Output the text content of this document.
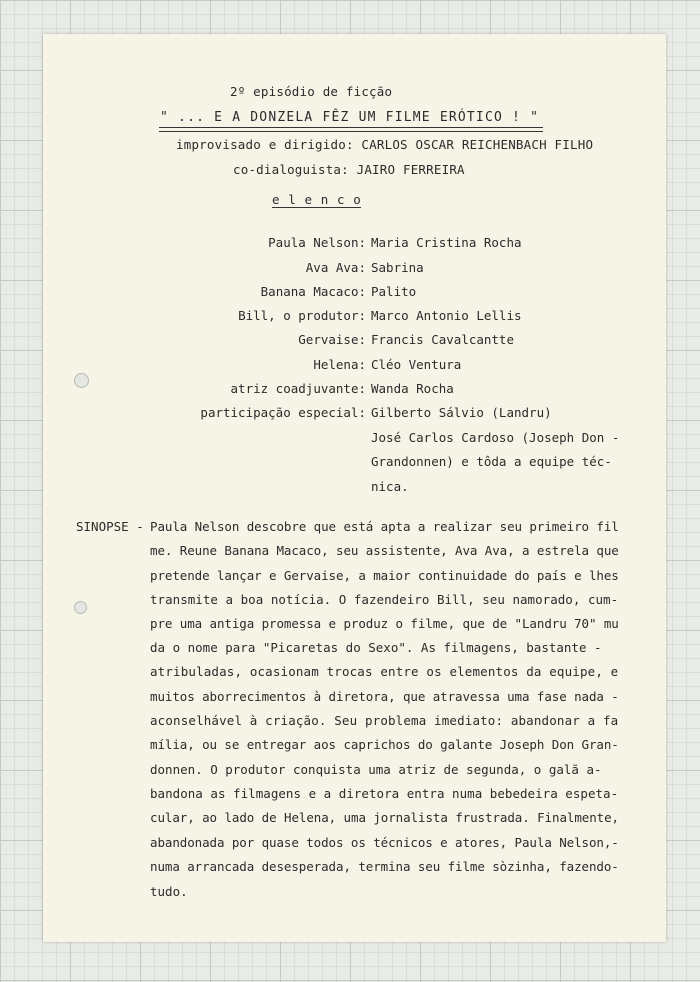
2º episódio de ficção
" ... E A DONZELA FÊZ UM FILME ERÓTICO ! "
improvisado e dirigido: CARLOS OSCAR REICHENBACH FILHO
co-dialoguista: JAIRO FERREIRA
e l e n c o
Paula Nelson: Maria Cristina Rocha
Ava Ava: Sabrina
Banana Macaco: Palito
Bill, o produtor: Marco Antonio Lellis
Gervaise: Francis Cavalcantte
Helena: Cléo Ventura
atriz coadjuvante: Wanda Rocha
participação especial: Gilberto Sálvio (Landru)
José Carlos Cardoso (Joseph Don -
Grandonnen) e tôda a equipe téc-
nica.
SINOPSE - Paula Nelson descobre que está apta a realizar seu primeiro fil
me. Reune Banana Macaco, seu assistente, Ava Ava, a estrela que
pretende lançar e Gervaise, a maior continuidade do país e lhes
transmite a boa notícia. O fazendeiro Bill, seu namorado, cum-
pre uma antiga promessa e produz o filme, que de "Landru 70" mu
da o nome para "Picaretas do Sexo". As filmagens, bastante -
atribuladas, ocasionam trocas entre os elementos da equipe, e
muitos aborrecimentos à diretora, que atravessa uma fase nada -
aconselhável à criação. Seu problema imediato: abandonar a fa
mília, ou se entregar aos caprichos do galante Joseph Don Gran-
donnen. O produtor conquista uma atriz de segunda, o galã a-
bandona as filmagens e a diretora entra numa bebedeira espeta-
cular, ao lado de Helena, uma jornalista frustrada. Finalmente,
abandonada por quase todos os técnicos e atores, Paula Nelson,-
numa arrancada desesperada, termina seu filme sòzinha, fazendo-
tudo.
